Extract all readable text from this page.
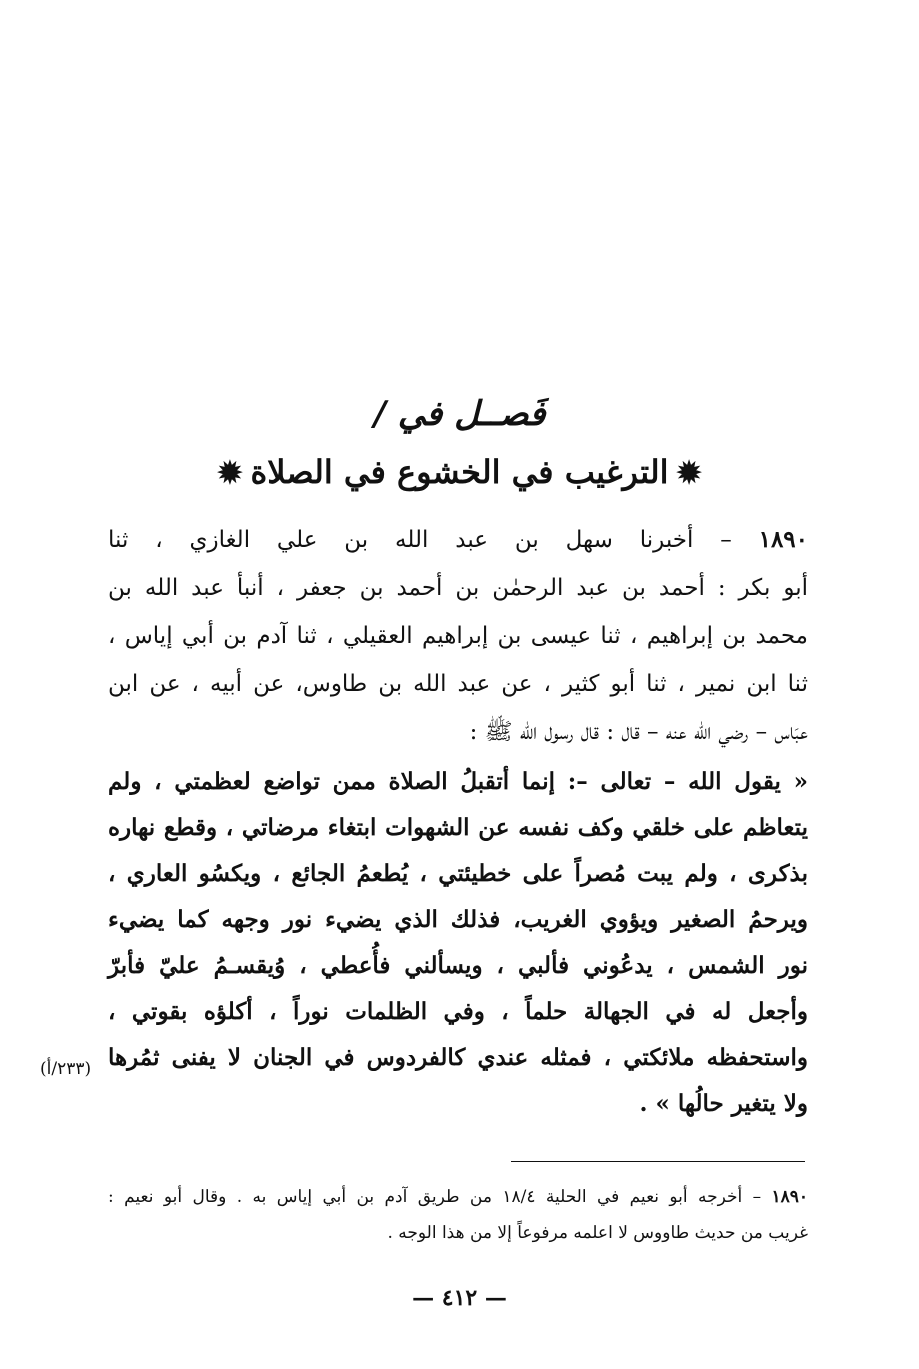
فَصــل في /
✹الترغيب في الخشوع في الصلاة✹
١٨٩٠ – أخبرنا سهل بن عبد الله بن علي الغازي ، ثنا
أبو بكر : أحمد بن عبد الرحمٰن بن أحمد بن جعفر ، أنبأ عبد الله بن
محمد بن إبراهيم ، ثنا عيسى بن إبراهيم العقيلي ، ثنا آدم بن أبي إياس ،
ثنا ابن نمير ، ثنا أبو كثير ، عن عبد الله بن طاوس، عن أبيه ، عن ابن
عبَاس – رضي الله عنه – قال : قال رسول الله ﷺ :
« يقول الله – تعالى –: إنما أتقبلُ الصلاة ممن تواضع لعظمتي ، ولم
يتعاظم على خلقي وكف نفسه عن الشهوات ابتغاء مرضاتي ، وقطع نهاره
بذكرى ، ولم يبت مُصراً على خطيئتي ، يُطعمُ الجائع ، ويكسُو العاري ،
ويرحمُ الصغير ويؤوي الغريب، فذلك الذي يضيء نور وجهه كما يضيء
نور الشمس ، يدعُوني فألبي ، ويسألني فأُعطي ، وُيقسـمُ عليّ فأبرّ
وأجعل له في الجهالة حلماً ، وفي الظلمات نوراً ، أكلؤه بقوتي ،
واستحفظه ملائكتي ، فمثله عندي كالفردوس في الجنان لا يفنى ثمُرها
ولا يتغير حالُها » .
(٢٣٣/أ)
١٨٩٠ – أخرجه أبو نعيم في الحلية ١٨/٤ من طريق آدم بن أبي إياس به . وقال أبو نعيم :
غريب من حديث طاووس لا اعلمه مرفوعاً إلا من هذا الوجه .
— ٤١٢ —
